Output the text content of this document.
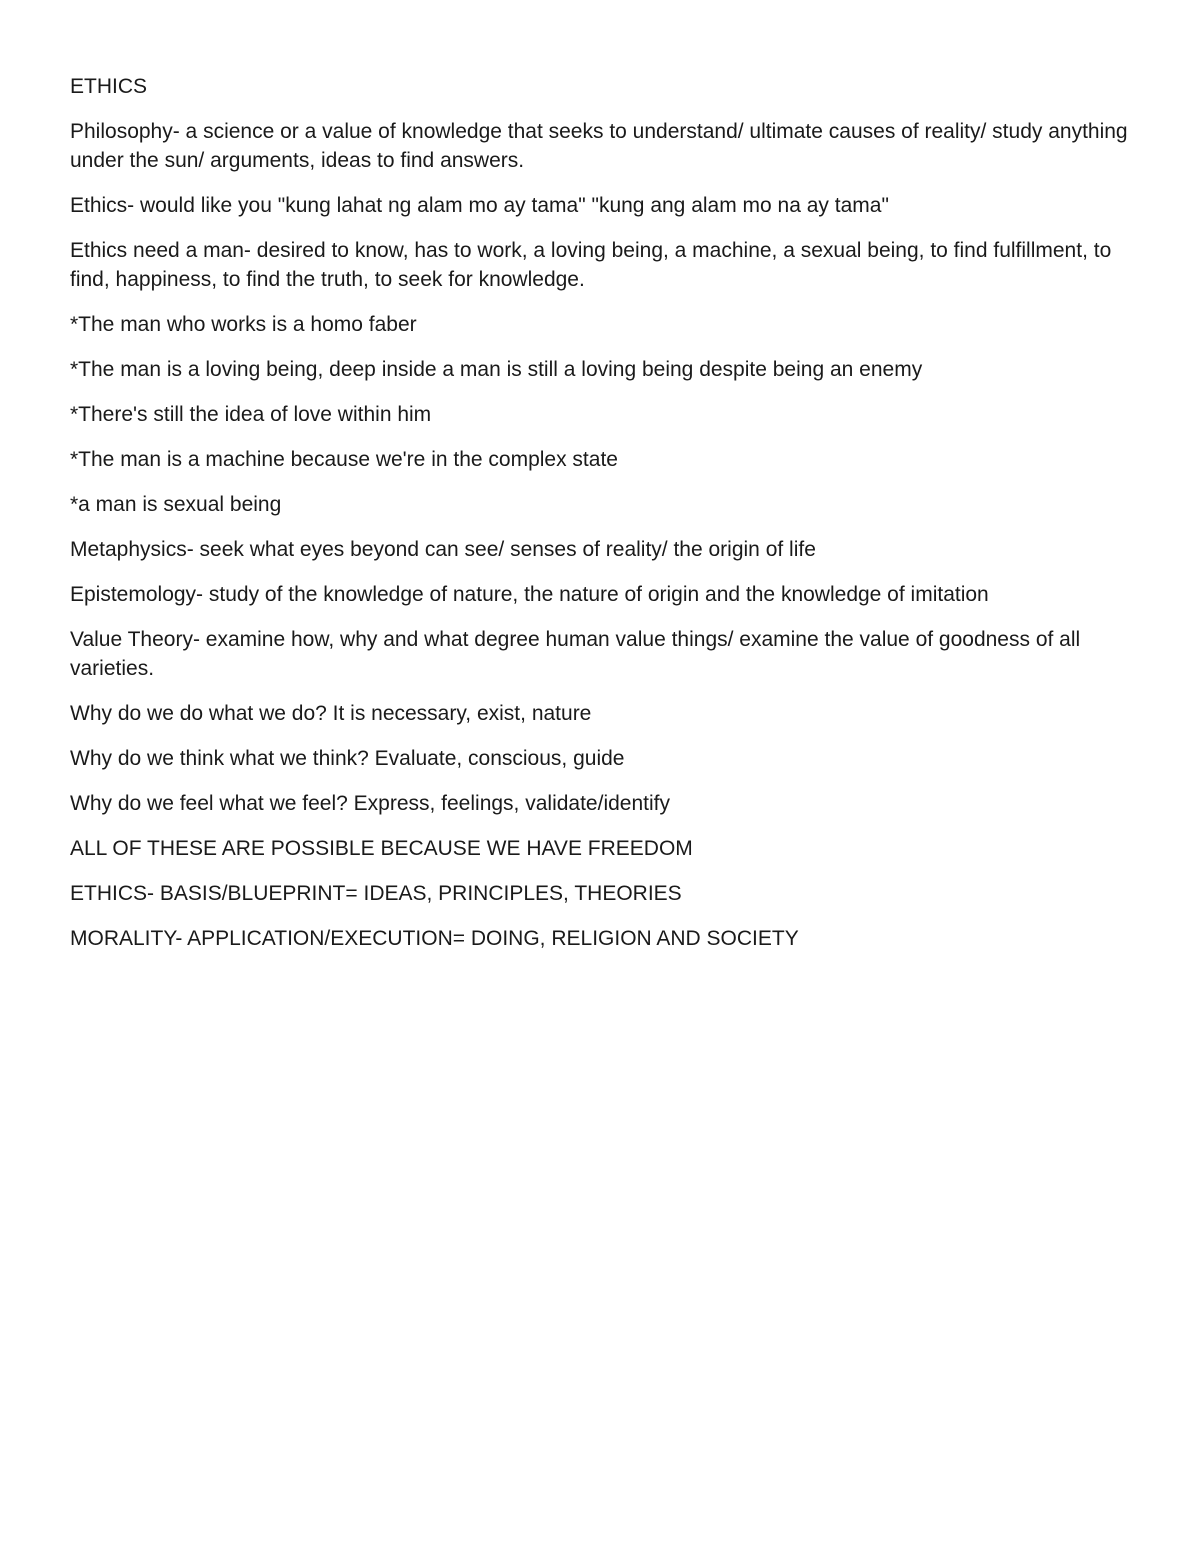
ETHICS

Philosophy- a science or a value of knowledge that seeks to understand/ ultimate causes of reality/ study anything under the sun/ arguments, ideas to find answers.

Ethics- would like you "kung lahat ng alam mo ay tama" "kung ang alam mo na ay tama"

Ethics need a man- desired to know, has to work, a loving being, a machine, a sexual being, to find fulfillment, to find, happiness, to find the truth, to seek for knowledge.

*The man who works is a homo faber

*The man is a loving being, deep inside a man is still a loving being despite being an enemy

*There's still the idea of love within him

*The man is a machine because we're in the complex state

*a man is sexual being

Metaphysics- seek what eyes beyond can see/ senses of reality/ the origin of life

Epistemology- study of the knowledge of nature, the nature of origin and the knowledge of imitation

Value Theory- examine how, why and what degree human value things/ examine the value of goodness of all varieties.

Why do we do what we do? It is necessary, exist, nature

Why do we think what we think? Evaluate, conscious, guide

Why do we feel what we feel? Express, feelings, validate/identify

ALL OF THESE ARE POSSIBLE BECAUSE WE HAVE FREEDOM

ETHICS- BASIS/BLUEPRINT= IDEAS, PRINCIPLES, THEORIES

MORALITY- APPLICATION/EXECUTION= DOING, RELIGION AND SOCIETY
